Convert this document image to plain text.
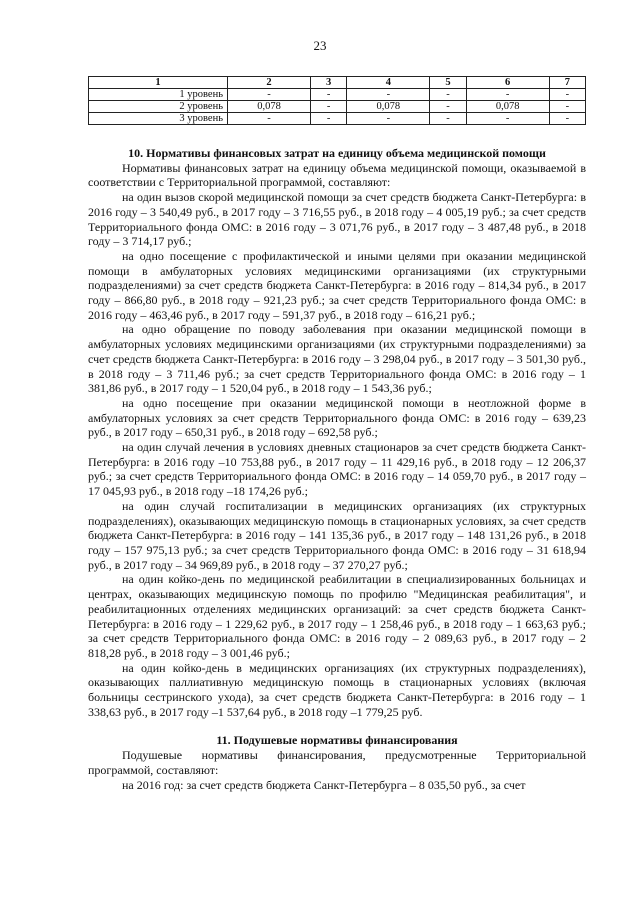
23
1	2	3	4	5	6	7
1 уровень	-	-	-	-	-	-
2 уровень	0,078	-	0,078	-	0,078	-
3 уровень	-	-	-	-	-	-

10. Нормативы финансовых затрат на единицу объема медицинской помощи

Нормативы финансовых затрат на единицу объема медицинской помощи, оказываемой в соответствии с Территориальной программой, составляют:

на один вызов скорой медицинской помощи за счет средств бюджета Санкт-Петербурга: в 2016 году – 3 540,49 руб., в 2017 году – 3 716,55 руб., в 2018 году – 4 005,19 руб.; за счет средств Территориального фонда ОМС: в 2016 году – 3 071,76 руб., в 2017 году – 3 487,48 руб., в 2018 году – 3 714,17 руб.;

на одно посещение с профилактической и иными целями при оказании медицинской помощи в амбулаторных условиях медицинскими организациями (их структурными подразделениями) за счет средств бюджета Санкт-Петербурга: в 2016 году – 814,34 руб., в 2017 году – 866,80 руб., в 2018 году – 921,23 руб.; за счет средств Территориального фонда ОМС: в 2016 году – 463,46 руб., в 2017 году – 591,37 руб., в 2018 году – 616,21 руб.;

на одно обращение по поводу заболевания при оказании медицинской помощи в амбулаторных условиях медицинскими организациями (их структурными подразделениями) за счет средств бюджета Санкт-Петербурга: в 2016 году – 3 298,04 руб., в 2017 году – 3 501,30 руб., в 2018 году – 3 711,46 руб.; за счет средств Территориального фонда ОМС: в 2016 году – 1 381,86 руб., в 2017 году – 1 520,04 руб., в 2018 году – 1 543,36 руб.;

на одно посещение при оказании медицинской помощи в неотложной форме в амбулаторных условиях за счет средств Территориального фонда ОМС: в 2016 году – 639,23 руб., в 2017 году – 650,31 руб., в 2018 году – 692,58 руб.;

на один случай лечения в условиях дневных стационаров за счет средств бюджета Санкт-Петербурга: в 2016 году –10 753,88 руб., в 2017 году – 11 429,16 руб., в 2018 году – 12 206,37 руб.; за счет средств Территориального фонда ОМС: в 2016 году – 14 059,70 руб., в 2017 году –17 045,93 руб., в 2018 году –18 174,26 руб.;

на один случай госпитализации в медицинских организациях (их структурных подразделениях), оказывающих медицинскую помощь в стационарных условиях, за счет средств бюджета Санкт-Петербурга: в 2016 году – 141 135,36 руб., в 2017 году – 148 131,26 руб., в 2018 году – 157 975,13 руб.; за счет средств Территориального фонда ОМС: в 2016 году – 31 618,94 руб., в 2017 году – 34 969,89 руб., в 2018 году – 37 270,27 руб.;

на один койко-день по медицинской реабилитации в специализированных больницах и центрах, оказывающих медицинскую помощь по профилю "Медицинская реабилитация", и реабилитационных отделениях медицинских организаций: за счет средств бюджета Санкт-Петербурга: в 2016 году – 1 229,62 руб., в 2017 году – 1 258,46 руб., в 2018 году – 1 663,63 руб.; за счет средств Территориального фонда ОМС: в 2016 году – 2 089,63 руб., в 2017 году – 2 818,28 руб., в 2018 году – 3 001,46 руб.;

на один койко-день в медицинских организациях (их структурных подразделениях), оказывающих паллиативную медицинскую помощь в стационарных условиях (включая больницы сестринского ухода), за счет средств бюджета Санкт-Петербурга: в 2016 году – 1 338,63 руб., в 2017 году –1 537,64 руб., в 2018 году –1 779,25 руб.

11. Подушевые нормативы финансирования

Подушевые нормативы финансирования, предусмотренные Территориальной программой, составляют:

на 2016 год: за счет средств бюджета Санкт-Петербурга – 8 035,50 руб., за счет
